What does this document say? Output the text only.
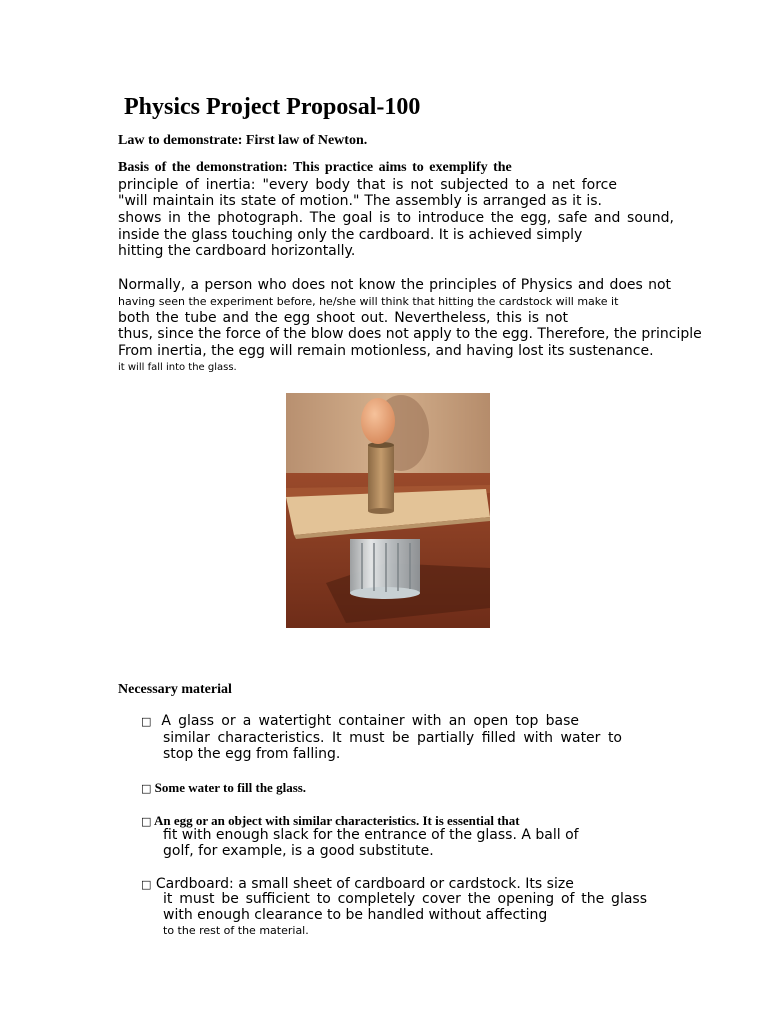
Physics Project Proposal-100
Law to demonstrate: First law of Newton.
Basis of the demonstration: This practice aims to exemplify the
principle of inertia: "every body that is not subjected to a net force
"will maintain its state of motion." The assembly is arranged as it is.
shows in the photograph. The goal is to introduce the egg, safe and sound,
inside the glass touching only the cardboard. It is achieved simply
hitting the cardboard horizontally.
Normally, a person who does not know the principles of Physics and does not
having seen the experiment before, he/she will think that hitting the cardstock will make it
both the tube and the egg shoot out. Nevertheless, this is not
thus, since the force of the blow does not apply to the egg. Therefore, the principle
From inertia, the egg will remain motionless, and having lost its sustenance.
it will fall into the glass.
Necessary material
□ A glass or a watertight container with an open top base
similar characteristics. It must be partially filled with water to
stop the egg from falling.
□ Some water to fill the glass.
□ An egg or an object with similar characteristics. It is essential that
fit with enough slack for the entrance of the glass. A ball of
golf, for example, is a good substitute.
□ Cardboard: a small sheet of cardboard or cardstock. Its size
it must be sufficient to completely cover the opening of the glass
with enough clearance to be handled without affecting
to the rest of the material.
